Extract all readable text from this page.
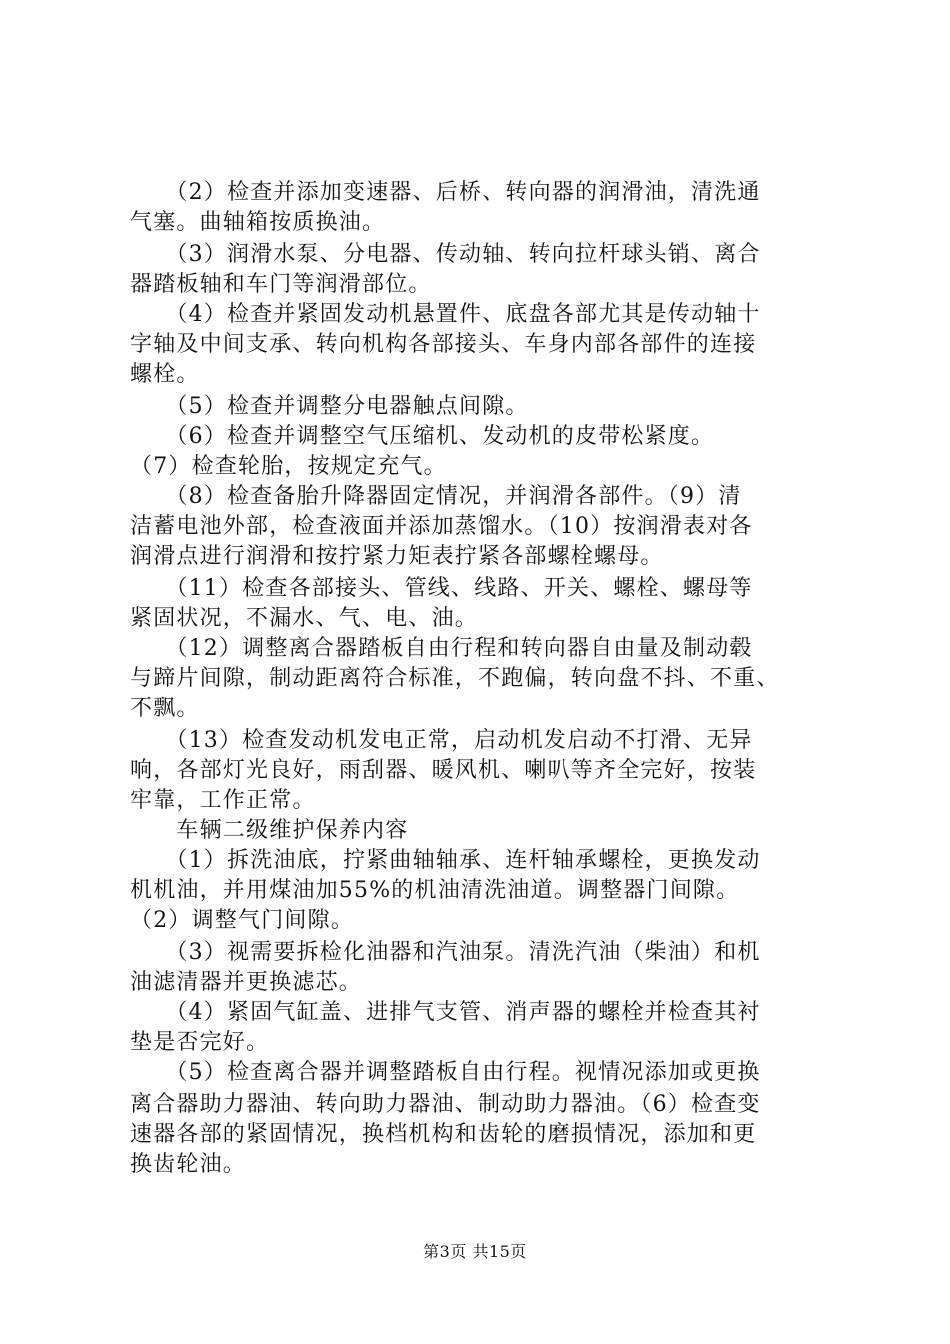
　　（2）检查并添加变速器、后桥、转向器的润滑油，清洗通
气塞。曲轴箱按质换油。
　　（3）润滑水泵、分电器、传动轴、转向拉杆球头销、离合
器踏板轴和车门等润滑部位。
　　（4）检查并紧固发动机悬置件、底盘各部尤其是传动轴十
字轴及中间支承、转向机构各部接头、车身内部各部件的连接
螺栓。
　　（5）检查并调整分电器触点间隙。
　　（6）检查并调整空气压缩机、发动机的皮带松紧度。
（7）检查轮胎，按规定充气。
　　（8）检查备胎升降器固定情况，并润滑各部件。（9）清
洁蓄电池外部，检查液面并添加蒸馏水。（10）按润滑表对各
润滑点进行润滑和按拧紧力矩表拧紧各部螺栓螺母。
　　（11）检查各部接头、管线、线路、开关、螺栓、螺母等
紧固状况，不漏水、气、电、油。
　　（12）调整离合器踏板自由行程和转向器自由量及制动毂
与蹄片间隙，制动距离符合标准，不跑偏，转向盘不抖、不重、
不飘。
　　（13）检查发动机发电正常，启动机发启动不打滑、无异
响，各部灯光良好，雨刮器、暖风机、喇叭等齐全完好，按装
牢靠，工作正常。
　　车辆二级维护保养内容
　　（1）拆洗油底，拧紧曲轴轴承、连杆轴承螺栓，更换发动
机机油，并用煤油加55%的机油清洗油道。调整器门间隙。
（2）调整气门间隙。
　　（3）视需要拆检化油器和汽油泵。清洗汽油（柴油）和机
油滤清器并更换滤芯。
　　（4）紧固气缸盖、进排气支管、消声器的螺栓并检查其衬
垫是否完好。
　　（5）检查离合器并调整踏板自由行程。视情况添加或更换
离合器助力器油、转向助力器油、制动助力器油。（6）检查变
速器各部的紧固情况，换档机构和齿轮的磨损情况，添加和更
换齿轮油。
第3页 共15页
